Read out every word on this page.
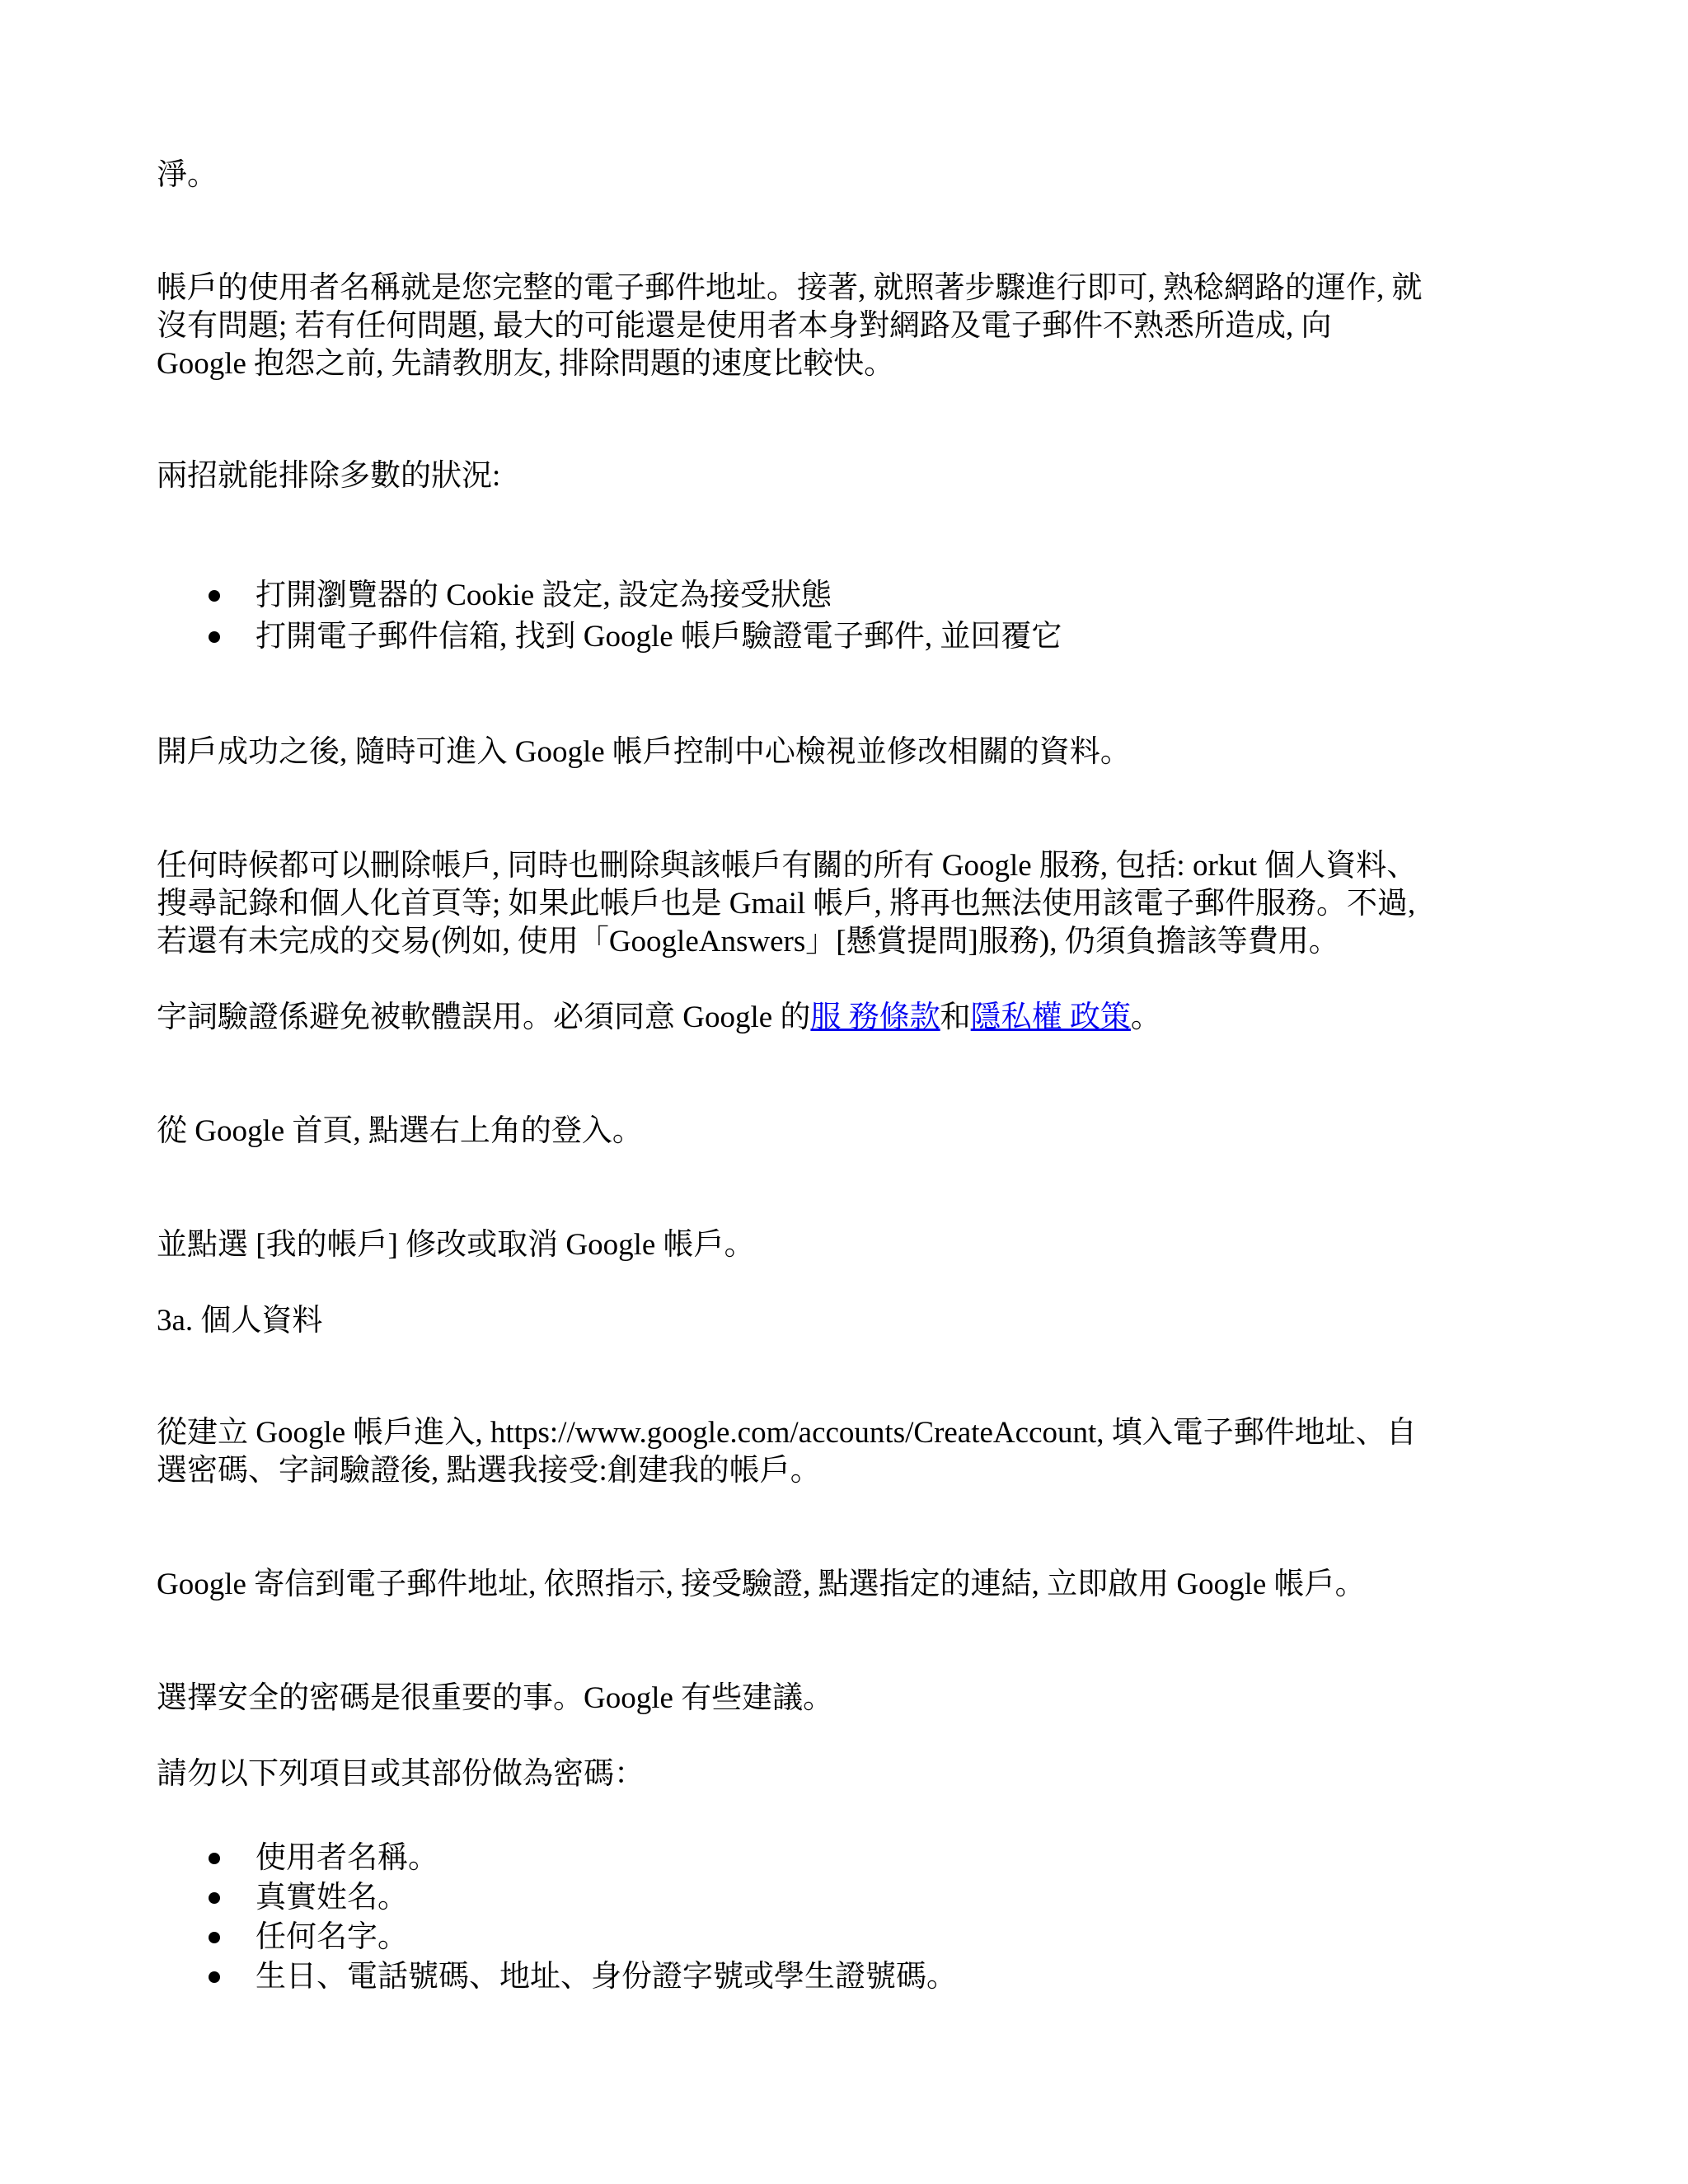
淨。

帳戶的使用者名稱就是您完整的電子郵件地址。接著, 就照著步驟進行即可, 熟稔網路的運作, 就

沒有問題; 若有任何問題, 最大的可能還是使用者本身對網路及電子郵件不熟悉所造成, 向

Google 抱怨之前, 先請教朋友, 排除問題的速度比較快。

兩招就能排除多數的狀況:

打開瀏覽器的 Cookie 設定, 設定為接受狀態

打開電子郵件信箱, 找到 Google 帳戶驗證電子郵件, 並回覆它

開戶成功之後, 隨時可進入 Google 帳戶控制中心檢視並修改相關的資料。

任何時候都可以刪除帳戶, 同時也刪除與該帳戶有關的所有 Google 服務, 包括: orkut 個人資料、

搜尋記錄和個人化首頁等; 如果此帳戶也是 Gmail 帳戶, 將再也無法使用該電子郵件服務。不過,

若還有未完成的交易(例如, 使用「GoogleAnswers」[懸賞提問]服務), 仍須負擔該等費用。

字詞驗證係避免被軟體誤用。必須同意 Google 的服 務條款和隱私權 政策。

從 Google 首頁, 點選右上角的登入。

並點選 [我的帳戶] 修改或取消 Google 帳戶。

3a. 個人資料

從建立 Google 帳戶進入, https://www.google.com/accounts/CreateAccount, 填入電子郵件地址、自

選密碼、字詞驗證後, 點選我接受:創建我的帳戶。

Google 寄信到電子郵件地址, 依照指示, 接受驗證, 點選指定的連結, 立即啟用 Google 帳戶。

選擇安全的密碼是很重要的事。Google 有些建議。

請勿以下列項目或其部份做為密碼：

使用者名稱。

真實姓名。

任何名字。

生日、電話號碼、地址、身份證字號或學生證號碼。
